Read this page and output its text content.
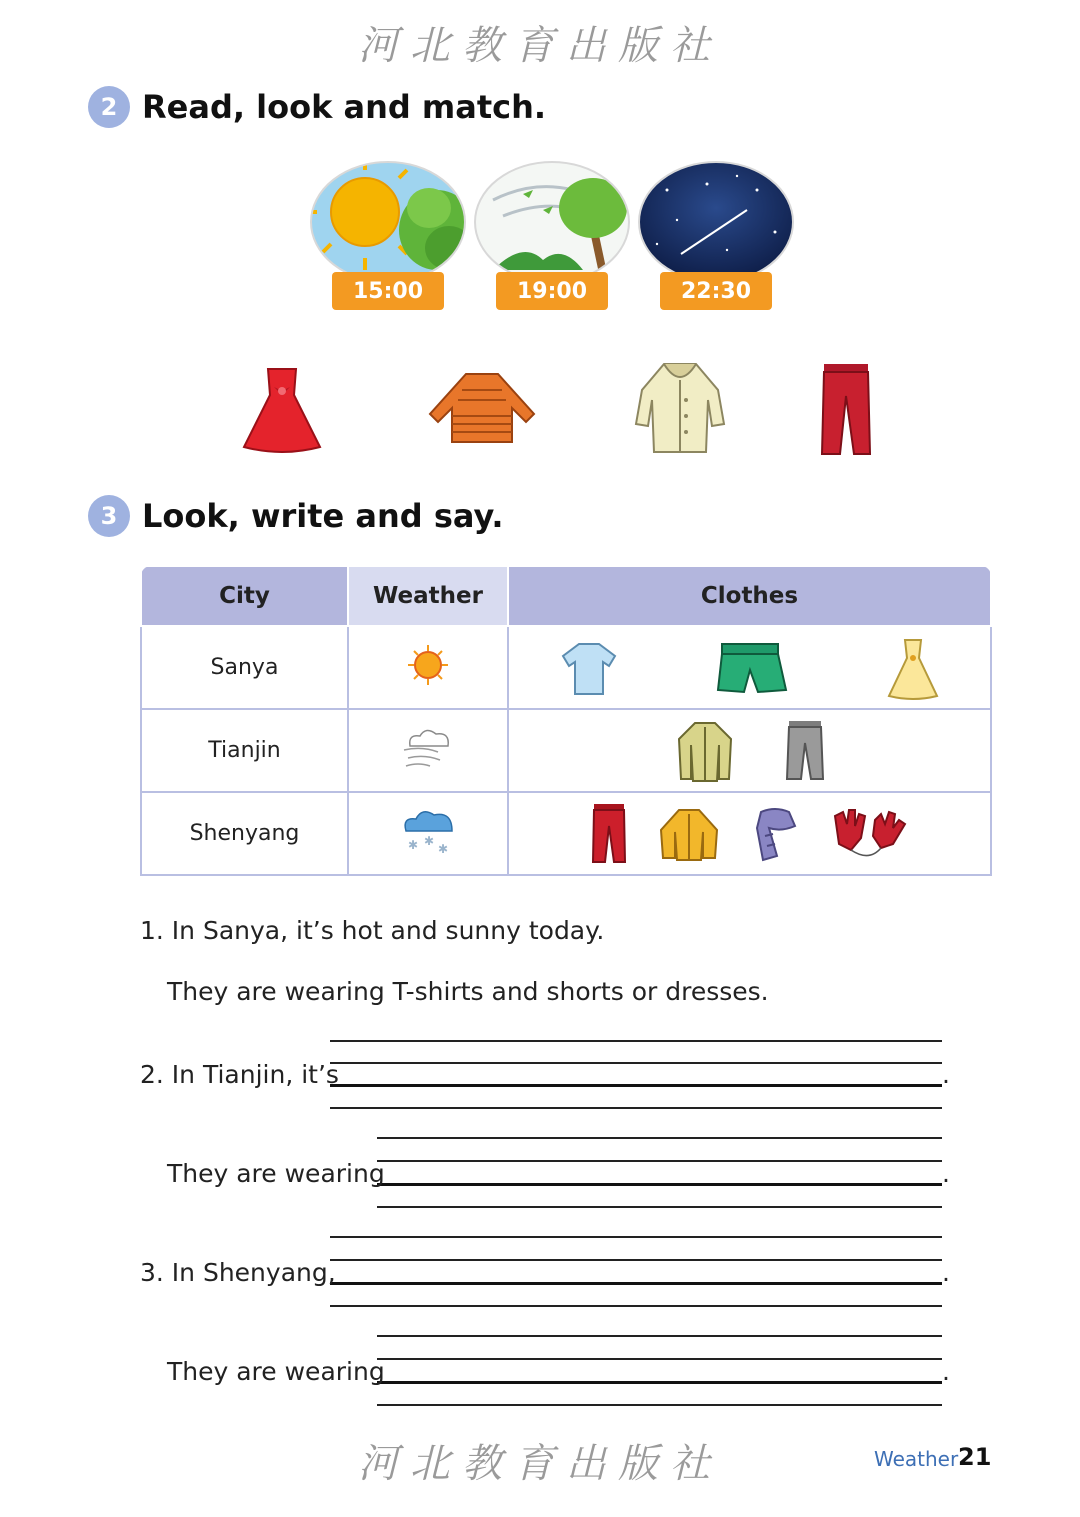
河北教育出版社
2 Read, look and match.
15:00	19:00	22:30
3 Look, write and say.
City	Weather	Clothes
Sanya		

Tianjin		

Shenyang	✱ ✱
✱

1. In Sanya, it’s hot and sunny today.
They are wearing T-shirts and shorts or dresses.
2. In Tianjin, it’s	.
They are wearing	.
3. In Shenyang,	.
They are wearing	.
河北教育出版社	Weather 21
